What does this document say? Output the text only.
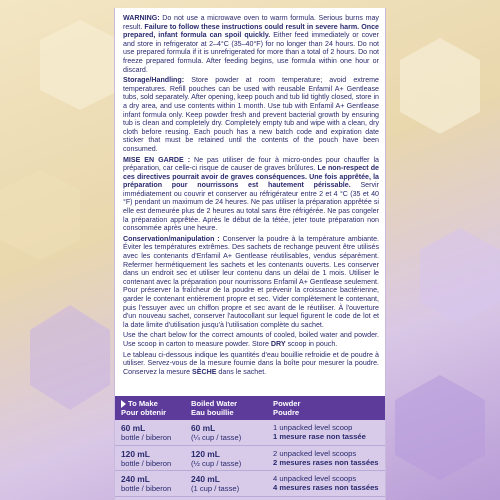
WARNING: Do not use a microwave oven to warm formula. Serious burns may result. Failure to follow these instructions could result in severe harm. Once prepared, infant formula can spoil quickly. Either feed immediately or cover and store in refrigerator at 2–4°C (35–40°F) for no longer than 24 hours. Do not use prepared formula if it is unrefrigerated for more than a total of 2 hours. Do not freeze prepared formula. After feeding begins, use formula within one hour or discard.

Storage/Handling: Store powder at room temperature; avoid extreme temperatures. Refill pouches can be used with reusable Enfamil A+ Gentlease tubs, sold separately. After opening, keep pouch and tub lid tightly closed, store in a dry area, and use contents within 1 month. Use tub with Enfamil A+ Gentlease infant formula only. Keep powder fresh and prevent bacterial growth by ensuring tub is clean and completely dry. Completely empty tub and wipe with a clean, dry cloth before reusing. Each pouch has a new batch code and expiration date sticker that must be retained until the contents of the pouch have been consumed.

MISE EN GARDE : Ne pas utiliser de four à micro-ondes pour chauffer la préparation, car celle-ci risque de causer de graves brûlures. Le non-respect de ces directives pourrait avoir de graves conséquences. Une fois apprêtée, la préparation pour nourrissons est hautement périssable. Servir immédiatement ou couvrir et conserver au réfrigérateur entre 2 et 4 °C (35 et 40 °F) pendant un maximum de 24 heures. Ne pas utiliser la préparation apprêtée si elle est demeurée plus de 2 heures au total sans être réfrigérée. Ne pas congeler la préparation apprêtée. Après le début de la tétée, jeter toute préparation non consommée après une heure.

Conservation/manipulation : Conserver la poudre à la température ambiante. Éviter les températures extrêmes. Des sachets de rechange peuvent être utilisés avec les contenants d'Enfamil A+ Gentlease réutilisables, vendus séparément. Refermer hermétiquement les sachets et les contenants ouverts. Les conserver dans un endroit sec et utiliser leur contenu dans un délai de 1 mois. Utiliser le contenant avec la préparation pour nourrissons Enfamil A+ Gentlease seulement. Pour préserver la fraîcheur de la poudre et prévenir la croissance bactérienne, garder le contenant entièrement propre et sec. Vider complètement le contenant, puis l'essuyer avec un chiffon propre et sec avant de le réutiliser. À l'ouverture d'un nouveau sachet, conserver l'autocollant sur lequel figurent le code de lot et la date limite d'utilisation jusqu'à l'utilisation complète du sachet.

Use the chart below for the correct amounts of cooled, boiled water and powder. Use scoop in carton to measure powder. Store DRY scoop in pouch.

Le tableau ci-dessous indique les quantités d'eau bouillie refroidie et de poudre à utiliser. Servez-vous de la mesure fournie dans la boîte pour mesurer la poudre. Conservez la mesure SÈCHE dans le sachet.

To Make
Pour obtenir
Boiled Water
Eau bouillie
Powder
Poudre
60 mL
bottle / biberon
60 mL
(¼ cup / tasse)
1 unpacked level scoop
1 mesure rase non tassée
120 mL
bottle / biberon
120 mL
(½ cup / tasse)
2 unpacked level scoops
2 mesures rases non tassées
240 mL
bottle / biberon
240 mL
(1 cup / tasse)
4 unpacked level scoops
4 mesures rases non tassées
